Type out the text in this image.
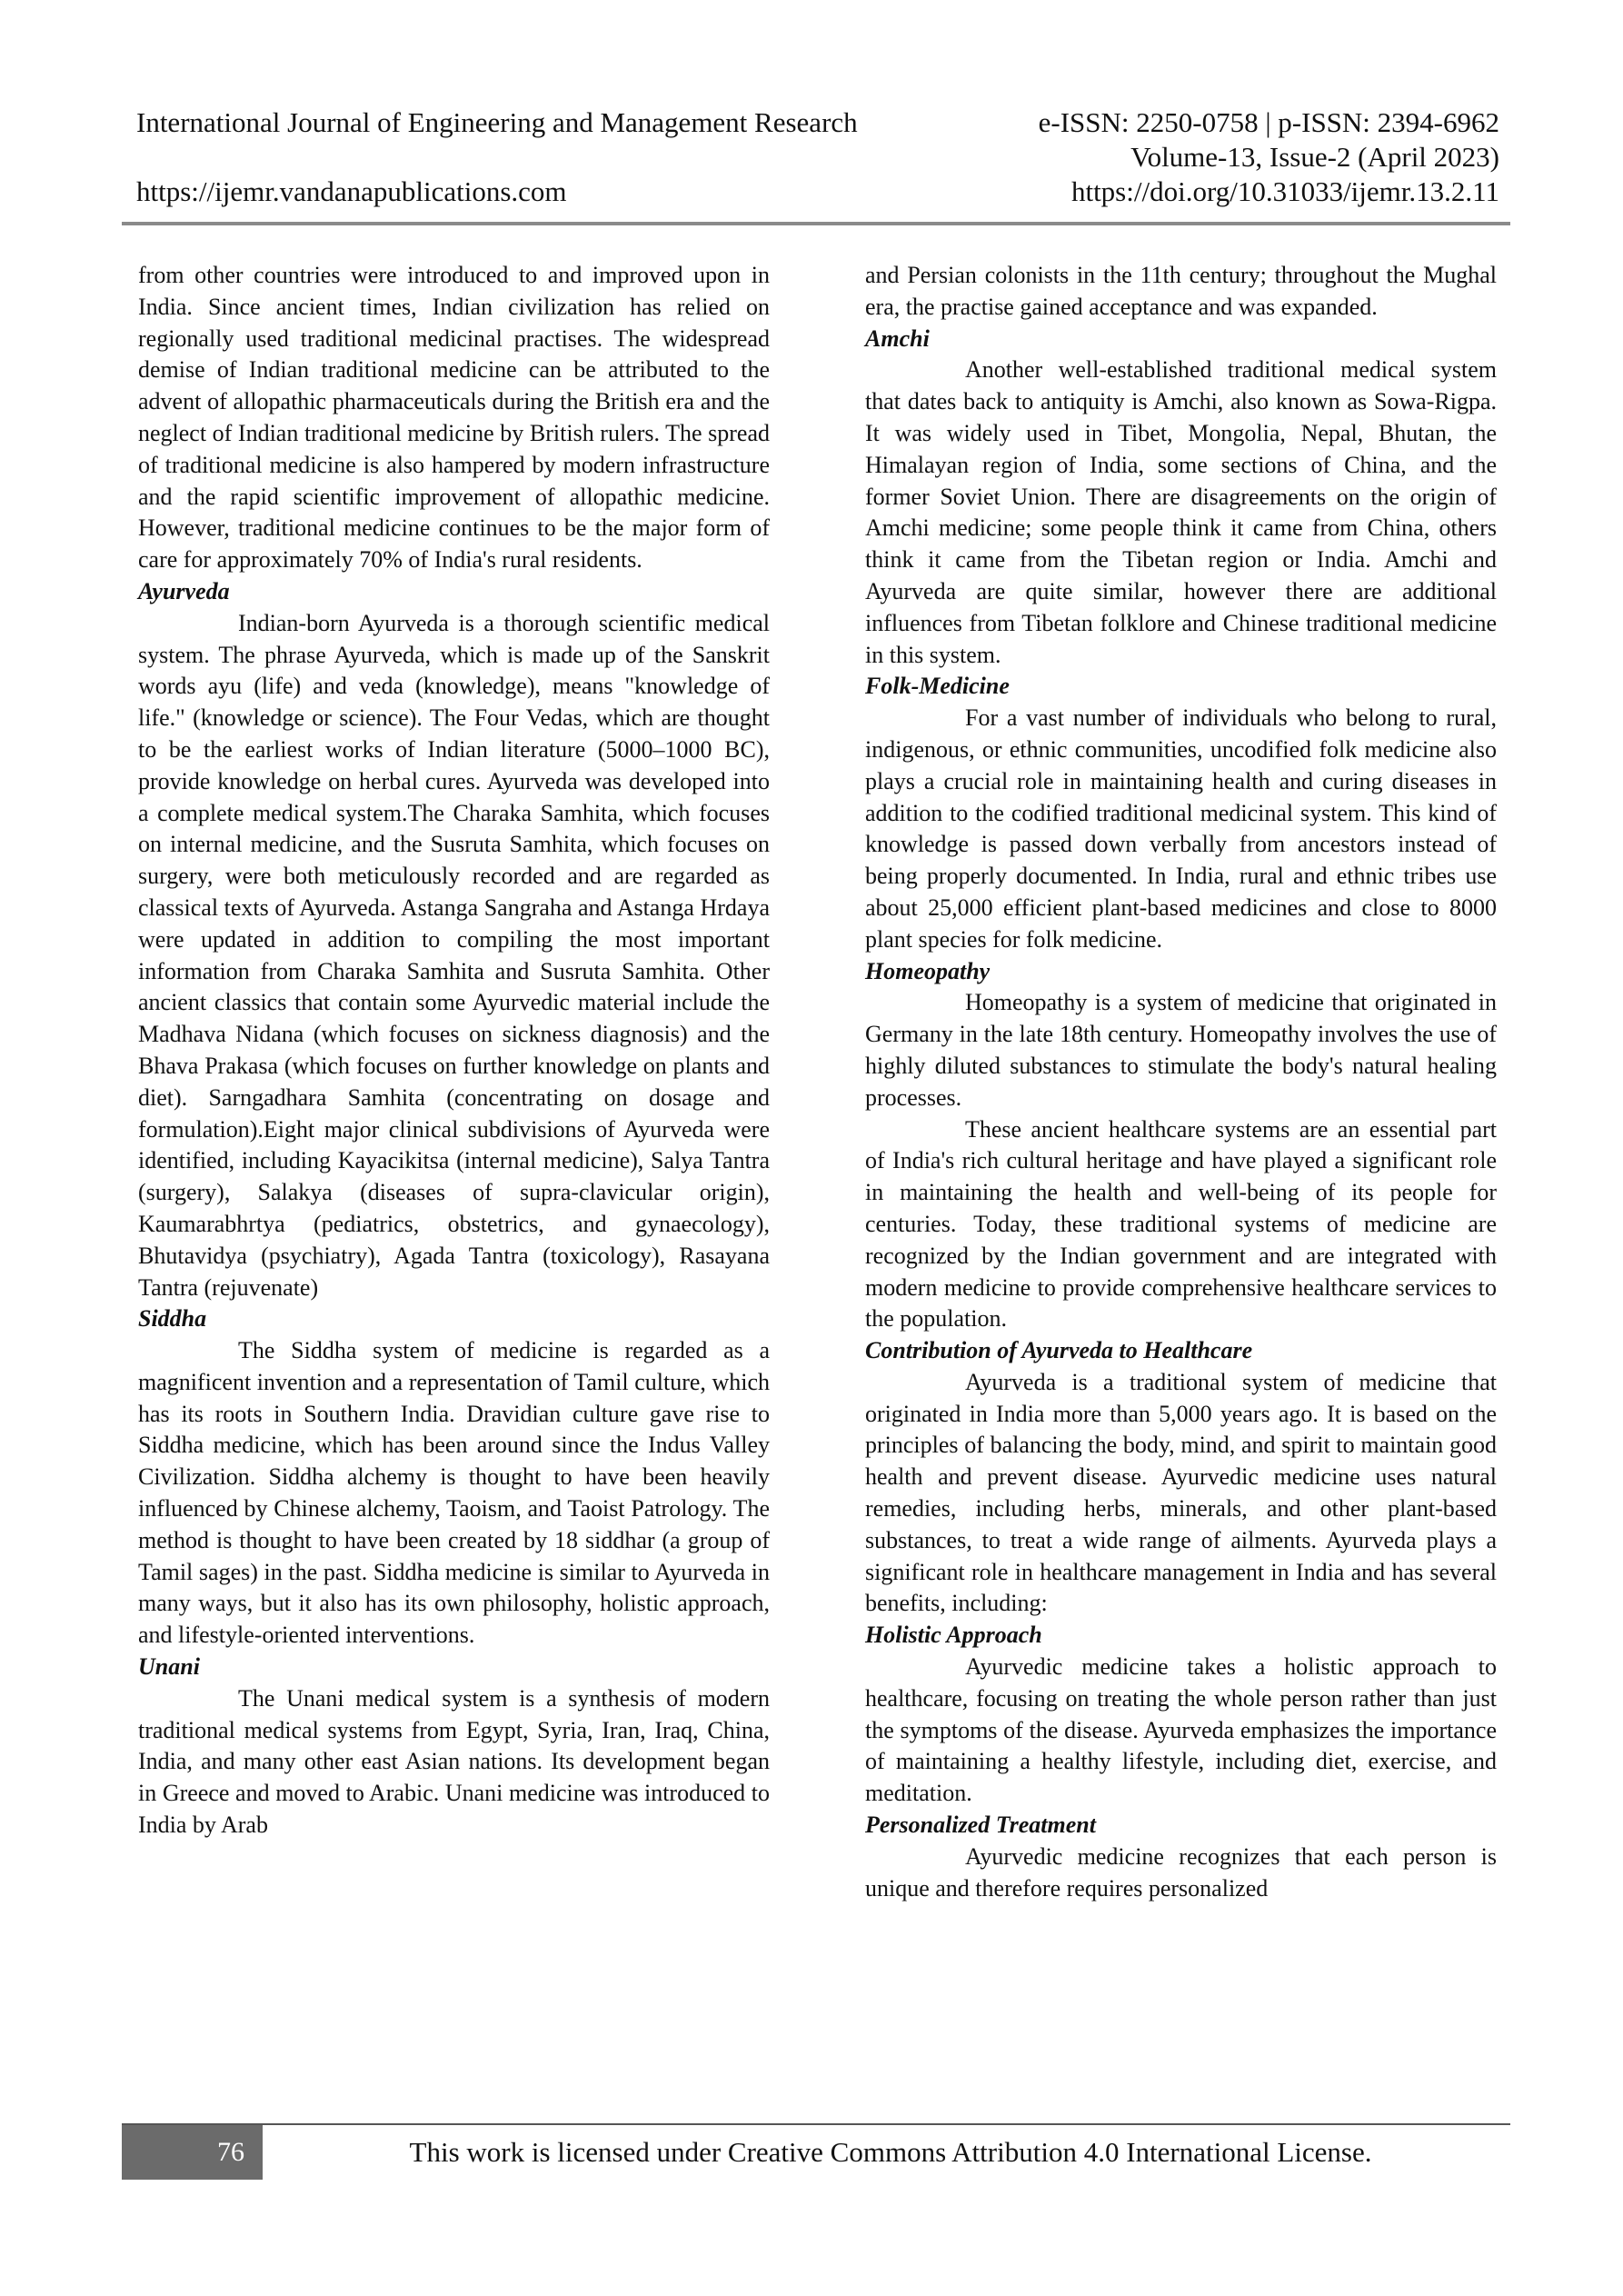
International Journal of Engineering and Management Research	e-ISSN: 2250-0758 | p-ISSN: 2394-6962
Volume-13, Issue-2 (April 2023)
https://ijemr.vandanapublications.com	https://doi.org/10.31033/ijemr.13.2.11

from other countries were introduced to and improved upon in India. Since ancient times, Indian civilization has relied on regionally used traditional medicinal practises. The widespread demise of Indian traditional medicine can be attributed to the advent of allopathic pharmaceuticals during the British era and the neglect of Indian traditional medicine by British rulers. The spread of traditional medicine is also hampered by modern infrastructure and the rapid scientific improvement of allopathic medicine. However, traditional medicine continues to be the major form of care for approximately 70% of India's rural residents.

Ayurveda

Indian-born Ayurveda is a thorough scientific medical system. The phrase Ayurveda, which is made up of the Sanskrit words ayu (life) and veda (knowledge), means "knowledge of life." (knowledge or science). The Four Vedas, which are thought to be the earliest works of Indian literature (5000–1000 BC), provide knowledge on herbal cures. Ayurveda was developed into a complete medical system.The Charaka Samhita, which focuses on internal medicine, and the Susruta Samhita, which focuses on surgery, were both meticulously recorded and are regarded as classical texts of Ayurveda. Astanga Sangraha and Astanga Hrdaya were updated in addition to compiling the most important information from Charaka Samhita and Susruta Samhita. Other ancient classics that contain some Ayurvedic material include the Madhava Nidana (which focuses on sickness diagnosis) and the Bhava Prakasa (which focuses on further knowledge on plants and diet). Sarngadhara Samhita (concentrating on dosage and formulation).Eight major clinical subdivisions of Ayurveda were identified, including Kayacikitsa (internal medicine), Salya Tantra (surgery), Salakya (diseases of supra-clavicular origin), Kaumarabhrtya (pediatrics, obstetrics, and gynaecology), Bhutavidya (psychiatry), Agada Tantra (toxicology), Rasayana Tantra (rejuvenate)

Siddha

The Siddha system of medicine is regarded as a magnificent invention and a representation of Tamil culture, which has its roots in Southern India. Dravidian culture gave rise to Siddha medicine, which has been around since the Indus Valley Civilization. Siddha alchemy is thought to have been heavily influenced by Chinese alchemy, Taoism, and Taoist Patrology. The method is thought to have been created by 18 siddhar (a group of Tamil sages) in the past. Siddha medicine is similar to Ayurveda in many ways, but it also has its own philosophy, holistic approach, and lifestyle-oriented interventions.

Unani

The Unani medical system is a synthesis of modern traditional medical systems from Egypt, Syria, Iran, Iraq, China, India, and many other east Asian nations. Its development began in Greece and moved to Arabic. Unani medicine was introduced to India by Arab

and Persian colonists in the 11th century; throughout the Mughal era, the practise gained acceptance and was expanded.

Amchi

Another well-established traditional medical system that dates back to antiquity is Amchi, also known as Sowa-Rigpa. It was widely used in Tibet, Mongolia, Nepal, Bhutan, the Himalayan region of India, some sections of China, and the former Soviet Union. There are disagreements on the origin of Amchi medicine; some people think it came from China, others think it came from the Tibetan region or India. Amchi and Ayurveda are quite similar, however there are additional influences from Tibetan folklore and Chinese traditional medicine in this system.

Folk-Medicine

For a vast number of individuals who belong to rural, indigenous, or ethnic communities, uncodified folk medicine also plays a crucial role in maintaining health and curing diseases in addition to the codified traditional medicinal system. This kind of knowledge is passed down verbally from ancestors instead of being properly documented. In India, rural and ethnic tribes use about 25,000 efficient plant-based medicines and close to 8000 plant species for folk medicine.

Homeopathy

Homeopathy is a system of medicine that originated in Germany in the late 18th century. Homeopathy involves the use of highly diluted substances to stimulate the body's natural healing processes.

These ancient healthcare systems are an essential part of India's rich cultural heritage and have played a significant role in maintaining the health and well-being of its people for centuries. Today, these traditional systems of medicine are recognized by the Indian government and are integrated with modern medicine to provide comprehensive healthcare services to the population.

Contribution of Ayurveda to Healthcare

Ayurveda is a traditional system of medicine that originated in India more than 5,000 years ago. It is based on the principles of balancing the body, mind, and spirit to maintain good health and prevent disease. Ayurvedic medicine uses natural remedies, including herbs, minerals, and other plant-based substances, to treat a wide range of ailments. Ayurveda plays a significant role in healthcare management in India and has several benefits, including:

Holistic Approach

Ayurvedic medicine takes a holistic approach to healthcare, focusing on treating the whole person rather than just the symptoms of the disease. Ayurveda emphasizes the importance of maintaining a healthy lifestyle, including diet, exercise, and meditation.

Personalized Treatment

Ayurvedic medicine recognizes that each person is unique and therefore requires personalized

76	This work is licensed under Creative Commons Attribution 4.0 International License.
